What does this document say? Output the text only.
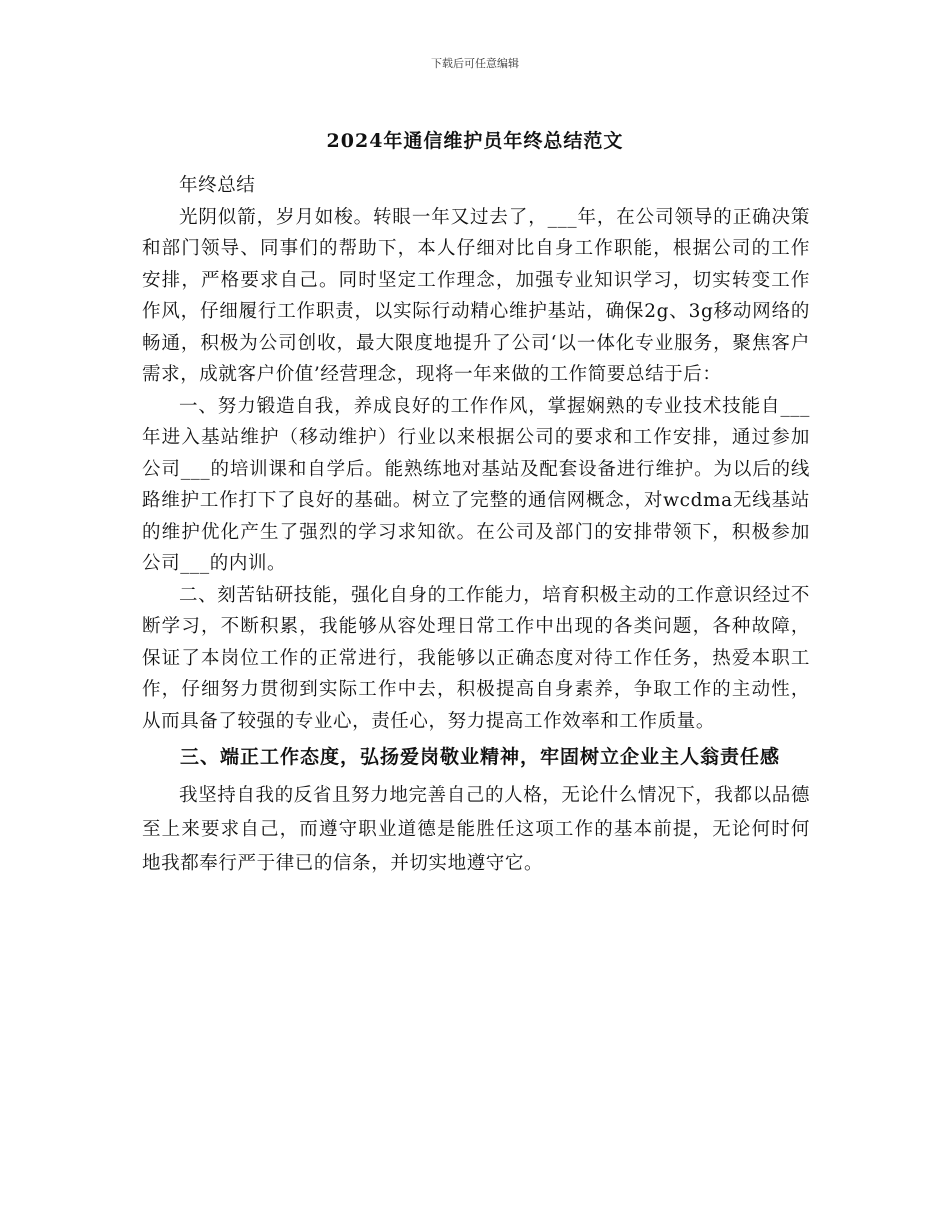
下载后可任意编辑
2024年通信维护员年终总结范文

年终总结

光阴似箭，岁月如梭。转眼一年又过去了，___年，在公司领导的正确决策和部门领导、同事们的帮助下，本人仔细对比自身工作职能，根据公司的工作安排，严格要求自己。同时坚定工作理念，加强专业知识学习，切实转变工作作风，仔细履行工作职责，以实际行动精心维护基站，确保2g、3g移动网络的畅通，积极为公司创收，最大限度地提升了公司‘以一体化专业服务，聚焦客户需求，成就客户价值’经营理念，现将一年来做的工作简要总结于后：

一、努力锻造自我，养成良好的工作作风，掌握娴熟的专业技术技能自___年进入基站维护（移动维护）行业以来根据公司的要求和工作安排，通过参加公司___的培训课和自学后。能熟练地对基站及配套设备进行维护。为以后的线路维护工作打下了良好的基础。树立了完整的通信网概念，对wcdma无线基站的维护优化产生了强烈的学习求知欲。在公司及部门的安排带领下，积极参加公司___的内训。

二、刻苦钻研技能，强化自身的工作能力，培育积极主动的工作意识经过不断学习，不断积累，我能够从容处理日常工作中出现的各类问题，各种故障，保证了本岗位工作的正常进行，我能够以正确态度对待工作任务，热爱本职工作，仔细努力贯彻到实际工作中去，积极提高自身素养，争取工作的主动性，从而具备了较强的专业心，责任心，努力提高工作效率和工作质量。

三、端正工作态度，弘扬爱岗敬业精神，牢固树立企业主人翁责任感

我坚持自我的反省且努力地完善自己的人格，无论什么情况下，我都以品德至上来要求自己，而遵守职业道德是能胜任这项工作的基本前提，无论何时何地我都奉行严于律已的信条，并切实地遵守它。
